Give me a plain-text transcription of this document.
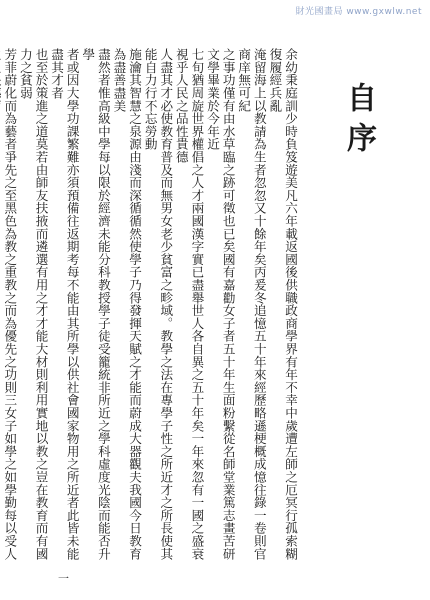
財光國畫局 www.gxwlw.net
自序
余幼秉庭訓少時負笈遊美凡六年載返國後供職政商學界有年不幸中歲遭左師之厄冥行孤索糊復履經兵亂
淹留海上以教請為生者忽忽又十餘年矣丙爰冬追憶五十年來經歷略遜梗概成憶往錄一卷則官商庠無可紀
之事功僅有由水草臨之跡可徵也已矣國有嘉勸女子者五十年生面粉繫從名師堂業篤志畫苦研文學畢業於今年近
七旬猶周旋世界權倡之人才兩國漢字實已盡舉世人各自異之五十年矣一年來忽有一國之盛衰視乎人民之品性貴德
人盡其才必使教育普及而無男女老少貧富之畛域。教學之法在專學子性之所近才之所長使其能自力行不忘勞動
施瀹其智慧之泉源由淺而深循循然使學子乃得發揮天賦之才能而蔚成大器觀夫我國今日教育為盡善盡美
盡然者惟高級中學每以限於經濟未能分科教授學子徒受籠統非所近之學科虛度光陰而能否升學
者或因大學功課繁難亦須預備往返期考每不能由其所學以供社會國家物用之所近者此皆未能盡其才者
也至於策進之道莫若由師友扶掖而遴選有用之才才能大材則利用實地以教之豈在教育而有國力之貧弱
芳菲蔚化而為藝者爭先之至黑色為教之重教之而為優先之功則三女子如學之如學勤每以受人
一
